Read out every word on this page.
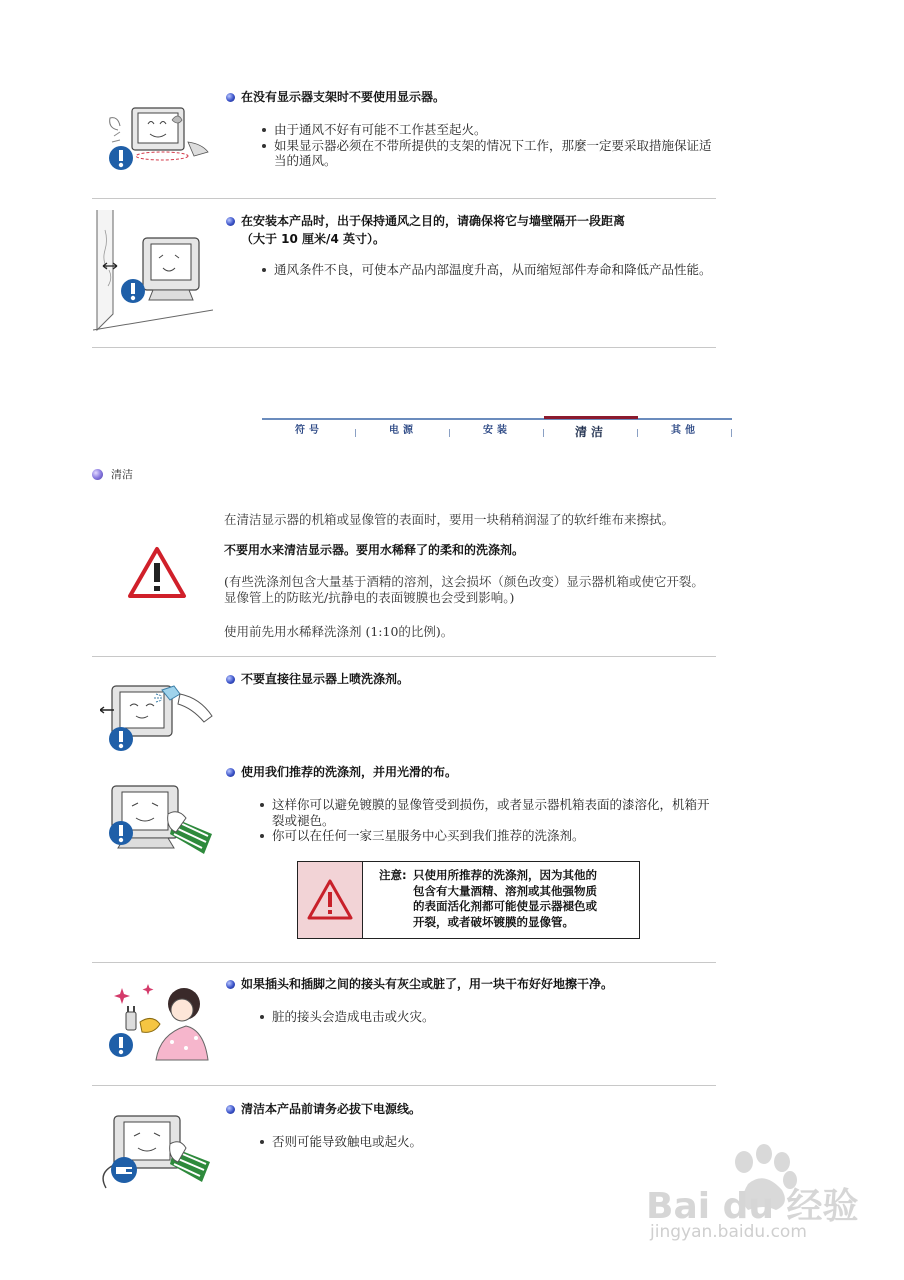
在没有显示器支架时不要使用显示器。
由于通风不好有可能不工作甚至起火。
如果显示器必须在不带所提供的支架的情况下工作，那麼一定要采取措施保证适当的通风。
在安装本产品时，出于保持通风之目的，请确保将它与墙壁隔开一段距离
（大于 10 厘米/4 英寸）。
通风条件不良，可使本产品内部温度升高，从而缩短部件寿命和降低产品性能。
符号	电源	安装	清洁	其他
清洁
在清洁显示器的机箱或显像管的表面时，要用一块稍稍润湿了的软纤维布来擦拭。
不要用水来清洁显示器。要用水稀释了的柔和的洗涤剂。
(有些洗涤剂包含大量基于酒精的溶剂，这会损坏（颜色改变）显示器机箱或使它开裂。 显像管上的防眩光/抗静电的表面镀膜也会受到影响。)
使用前先用水稀释洗涤剂 (1:10的比例)。
不要直接往显示器上喷洗涤剂。
使用我们推荐的洗涤剂，并用光滑的布。
这样你可以避免镀膜的显像管受到损伤，或者显示器机箱表面的漆溶化，机箱开裂或褪色。
你可以在任何一家三星服务中心买到我们推荐的洗涤剂。
注意: 只使用所推荐的洗涤剂，因为其他的
包含有大量酒精、溶剂或其他强物质
的表面活化剂都可能使显示器褪色或
开裂，或者破坏镀膜的显像管。
如果插头和插脚之间的接头有灰尘或脏了，用一块干布好好地擦干净。
脏的接头会造成电击或火灾。
清洁本产品前请务必拔下电源线。
否则可能导致触电或起火。
Bai du 经验
jingyan.baidu.com
